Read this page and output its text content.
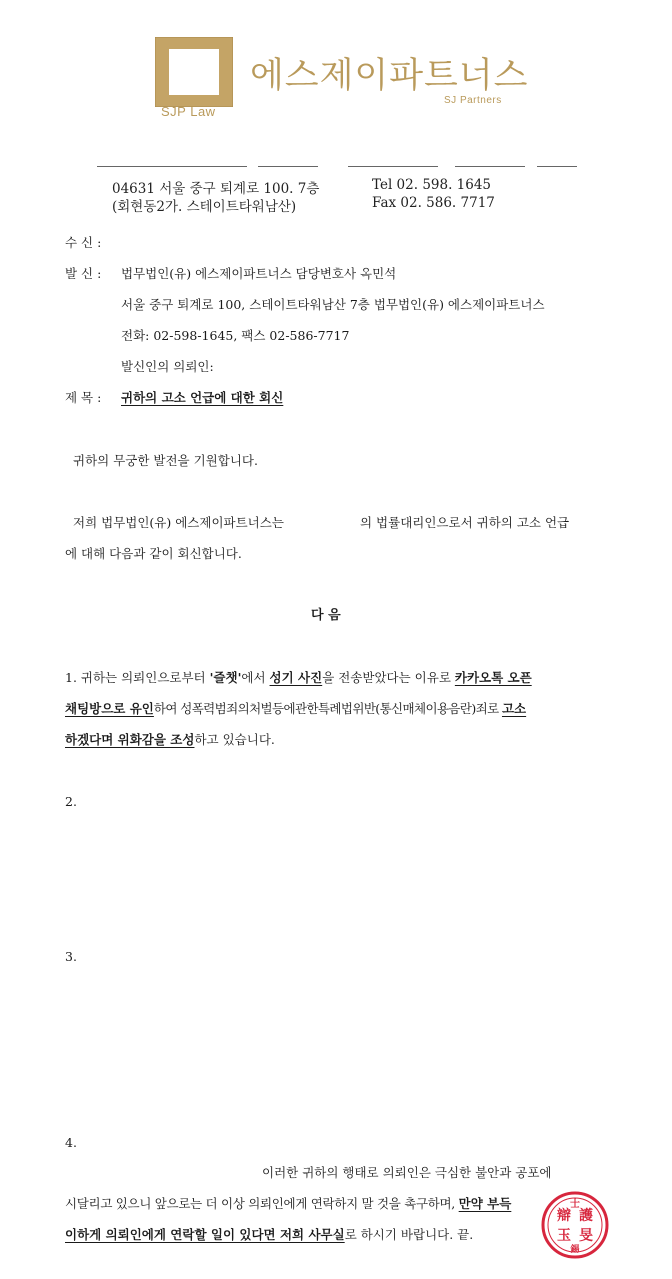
SJP Law
에스제이파트너스
SJ Partners
04631 서울 중구 퇴계로 100. 7층
(회현동2가. 스테이트타워남산)
Tel 02. 598. 1645
Fax 02. 586. 7717
수 신 :
발 신 : 법무법인(유) 에스제이파트너스 담당변호사 옥민석
서울 중구 퇴계로 100, 스테이트타워남산 7층 법무법인(유) 에스제이파트너스
전화: 02-598-1645, 팩스 02-586-7717
발신인의 의뢰인:
제 목 : 귀하의 고소 언급에 대한 회신
귀하의 무궁한 발전을 기원합니다.
저희 법무법인(유) 에스제이파트너스는	의 법률대리인으로서 귀하의 고소 언급
에 대해 다음과 같이 회신합니다.
다 음
1. 귀하는 의뢰인으로부터 '즐챗'에서 성기 사진을 전송받았다는 이유로 카카오톡 오픈
채팅방으로 유인하여 성폭력범죄의처벌등에관한특례법위반(통신매체이용음란)죄로 고소
하겠다며 위화감을 조성하고 있습니다.
2.
3.
4.
이러한 귀하의 행태로 의뢰인은 극심한 불안과 공포에
시달리고 있으니 앞으로는 더 이상 의뢰인에게 연락하지 말 것을 촉구하며, 만약 부득
이하게 의뢰인에게 연락할 일이 있다면 저희 사무실로 하시기 바랍니다. 끝.
辯 護
士
玉 旻
錫
